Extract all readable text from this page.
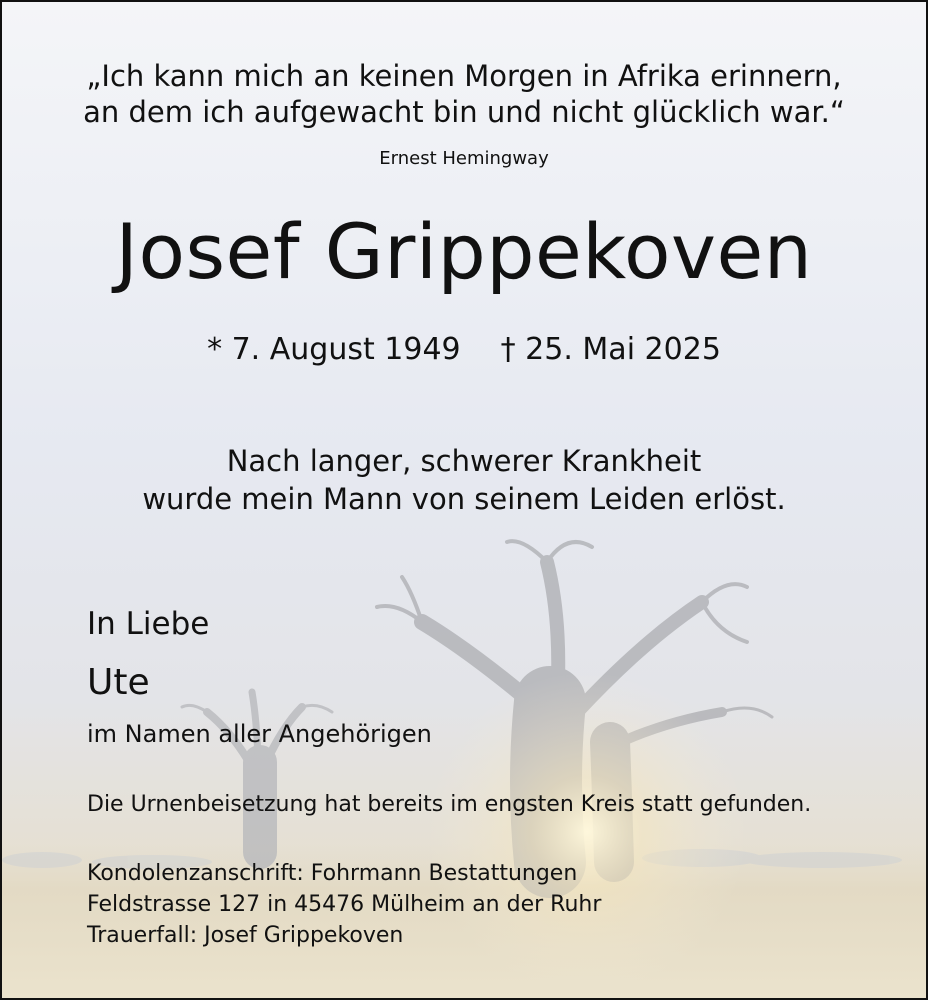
„Ich kann mich an keinen Morgen in Afrika erinnern,
an dem ich aufgewacht bin und nicht glücklich war.“
Ernest Hemingway
Josef Grippekoven
* 7. August 1949 † 25. Mai 2025
Nach langer, schwerer Krankheit
wurde mein Mann von seinem Leiden erlöst.
In Liebe
Ute
im Namen aller Angehörigen
Die Urnenbeisetzung hat bereits im engsten Kreis statt gefunden.
Kondolenzanschrift: Fohrmann Bestattungen
Feldstrasse 127 in 45476 Mülheim an der Ruhr
Trauerfall: Josef Grippekoven
